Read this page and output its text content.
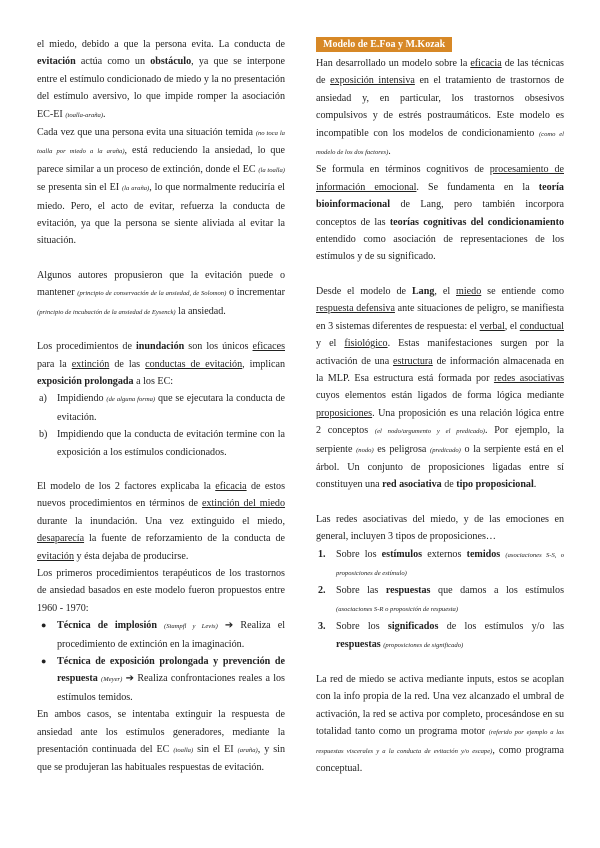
el miedo, debido a que la persona evita. La conducta de evitación actúa como un obstáculo, ya que se interpone entre el estímulo condicionado de miedo y la no presentación del estímulo aversivo, lo que impide romper la asociación EC-EI (toalla-araña).

Cada vez que una persona evita una situación temida (no toca la toalla por miedo a la araña), está reduciendo la ansiedad, lo que parece similar a un proceso de extinción, donde el EC (la toalla) se presenta sin el EI (la araña), lo que normalmente reduciría el miedo. Pero, el acto de evitar, refuerza la conducta de evitación, ya que la persona se siente aliviada al evitar la situación.

Algunos autores propusieron que la evitación puede o mantener (principio de conservación de la ansiedad, de Solomon) o incrementar (principio de incubación de la ansiedad de Eysenck) la ansiedad.

Los procedimientos de inundación son los únicos eficaces para la extinción de las conductas de evitación, implican exposición prolongada a los EC:

a) Impidiendo (de alguna forma) que se ejecutara la conducta de evitación.
b) Impidiendo que la conducta de evitación termine con la exposición a los estímulos condicionados.

El modelo de los 2 factores explicaba la eficacia de estos nuevos procedimientos en términos de extinción del miedo durante la inundación. Una vez extinguido el miedo, desaparecía la fuente de reforzamiento de la conducta de evitación y ésta dejaba de producirse.

Los primeros procedimientos terapéuticos de los trastornos de ansiedad basados en este modelo fueron propuestos entre 1960 - 1970:

● Técnica de implosión (Stampfl y Levis) ➔ Realiza el procedimiento de extinción en la imaginación.
● Técnica de exposición prolongada y prevención de respuesta (Meyer) ➔ Realiza confrontaciones reales a los estímulos temidos.

En ambos casos, se intentaba extinguir la respuesta de ansiedad ante los estímulos generadores, mediante la presentación continuada del EC (toalla) sin el EI (araña), y sin que se produjeran las habituales respuestas de evitación.

Modelo de E.Foa y M.Kozak

Han desarrollado un modelo sobre la eficacia de las técnicas de exposición intensiva en el tratamiento de trastornos de ansiedad y, en particular, los trastornos obsesivos compulsivos y de estrés postraumáticos. Este modelo es incompatible con los modelos de condicionamiento (como el modelo de los dos factores).

Se formula en términos cognitivos de procesamiento de información emocional. Se fundamenta en la teoría bioinformacional de Lang, pero también incorpora conceptos de las teorías cognitivas del condicionamiento entendido como asociación de representaciones de los estímulos y de su significado.

Desde el modelo de Lang, el miedo se entiende como respuesta defensiva ante situaciones de peligro, se manifiesta en 3 sistemas diferentes de respuesta: el verbal, el conductual y el fisiológico. Estas manifestaciones surgen por la activación de una estructura de información almacenada en la MLP. Esa estructura está formada por redes asociativas cuyos elementos están ligados de forma lógica mediante proposiciones. Una proposición es una relación lógica entre 2 conceptos (el nodo/argumento y el predicado). Por ejemplo, la serpiente (nodo) es peligrosa (predicado) o la serpiente está en el árbol. Un conjunto de proposiciones ligadas entre sí constituyen una red asociativa de tipo proposicional.

Las redes asociativas del miedo, y de las emociones en general, incluyen 3 tipos de proposiciones…

1. Sobre los estímulos externos temidos (asociaciones S-S, o proposiciones de estímulo)
2. Sobre las respuestas que damos a los estímulos (asociaciones S-R o proposición de respuesta)
3. Sobre los significados de los estímulos y/o las respuestas (proposiciones de significado)

La red de miedo se activa mediante inputs, estos se acoplan con la info propia de la red. Una vez alcanzado el umbral de activación, la red se activa por completo, procesándose en su totalidad tanto como un programa motor (referido por ejemplo a las respuestas viscerales y a la conducta de evitación y/o escape), como programa conceptual.
